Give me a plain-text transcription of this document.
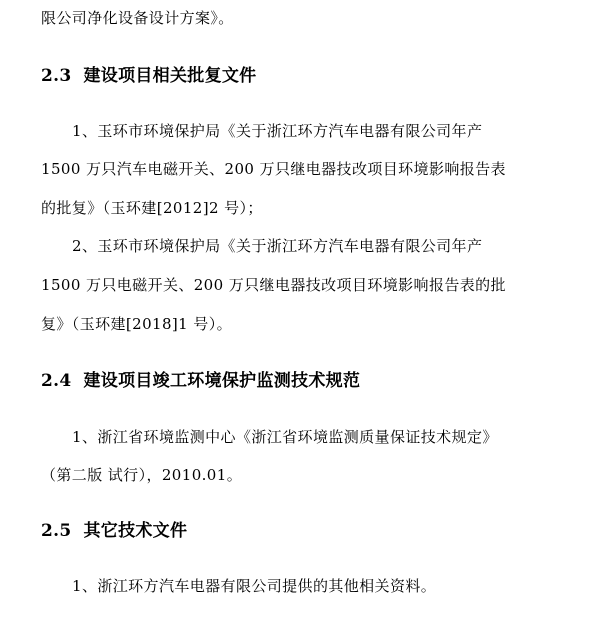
限公司净化设备设计方案》。
2.3 建设项目相关批复文件
1、玉环市环境保护局《关于浙江环方汽车电器有限公司年产
1500 万只汽车电磁开关、200 万只继电器技改项目环境影响报告表
的批复》（玉环建[2012]2 号）；
2、玉环市环境保护局《关于浙江环方汽车电器有限公司年产
1500 万只电磁开关、200 万只继电器技改项目环境影响报告表的批
复》（玉环建[2018]1 号）。
2.4 建设项目竣工环境保护监测技术规范
1、浙江省环境监测中心《浙江省环境监测质量保证技术规定》
（第二版 试行），2010.01。
2.5 其它技术文件
1、浙江环方汽车电器有限公司提供的其他相关资料。
